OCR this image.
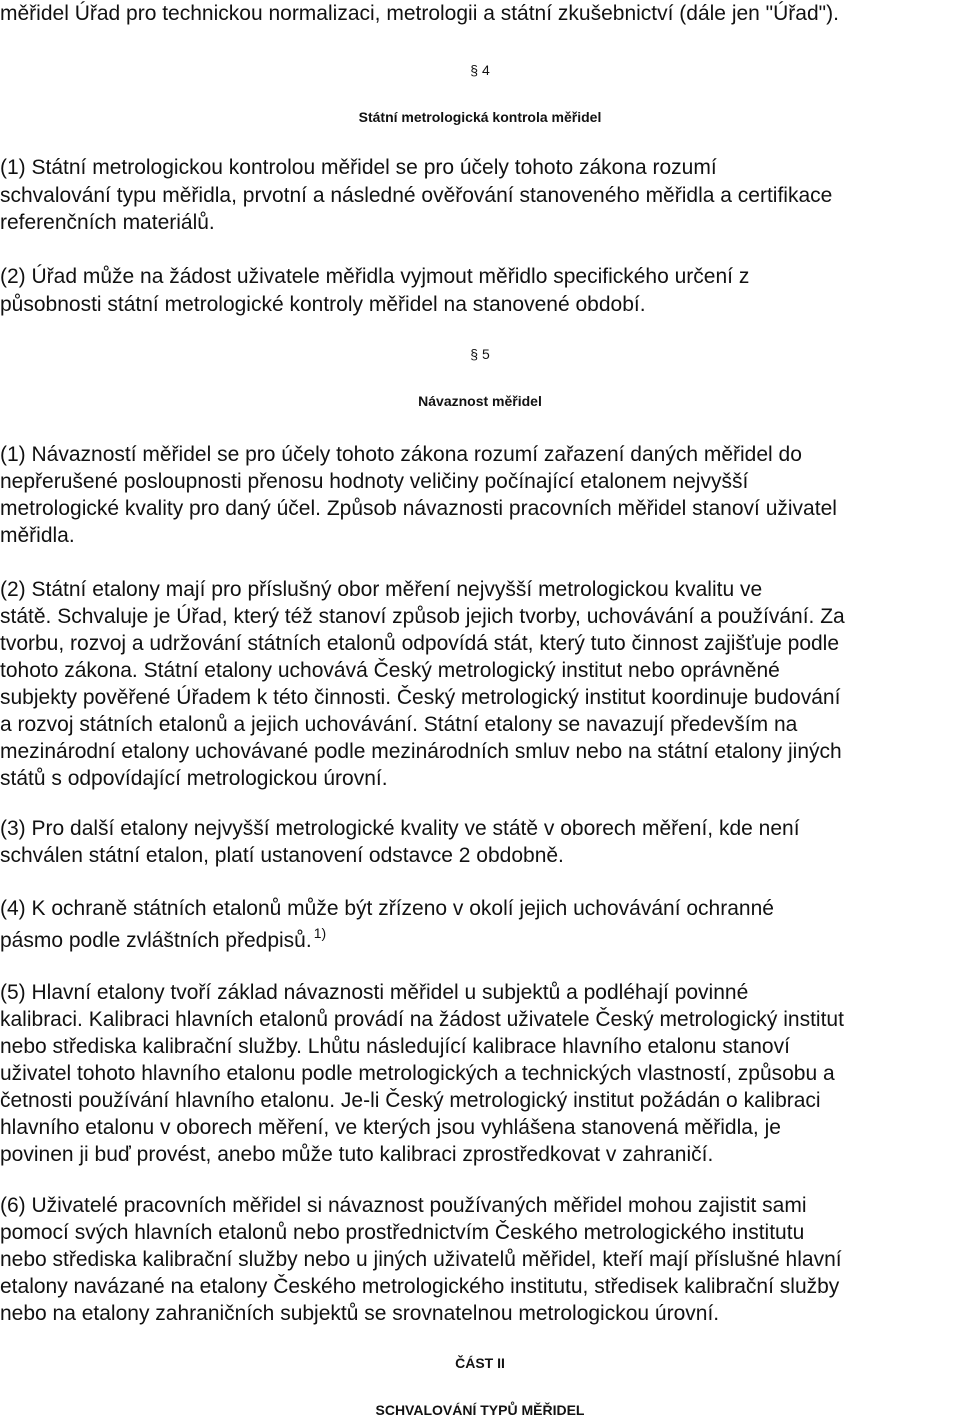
měřidel Úřad pro technickou normalizaci, metrologii a státní zkušebnictví (dále jen "Úřad").
§ 4
Státní metrologická kontrola měřidel
(1) Státní metrologickou kontrolou měřidel se pro účely tohoto zákona rozumí
schvalování typu měřidla, prvotní a následné ověřování stanoveného měřidla a certifikace
referenčních materiálů.
(2) Úřad může na žádost uživatele měřidla vyjmout měřidlo specifického určení z
působnosti státní metrologické kontroly měřidel na stanovené období.
§ 5
Návaznost měřidel
(1) Návazností měřidel se pro účely tohoto zákona rozumí zařazení daných měřidel do
nepřerušené posloupnosti přenosu hodnoty veličiny počínající etalonem nejvyšší
metrologické kvality pro daný účel. Způsob návaznosti pracovních měřidel stanoví uživatel
měřidla.
(2) Státní etalony mají pro příslušný obor měření nejvyšší metrologickou kvalitu ve
státě. Schvaluje je Úřad, který též stanoví způsob jejich tvorby, uchovávání a používání. Za
tvorbu, rozvoj a udržování státních etalonů odpovídá stát, který tuto činnost zajišťuje podle
tohoto zákona. Státní etalony uchovává Český metrologický institut nebo oprávněné
subjekty pověřené Úřadem k této činnosti. Český metrologický institut koordinuje budování
a rozvoj státních etalonů a jejich uchovávání. Státní etalony se navazují především na
mezinárodní etalony uchovávané podle mezinárodních smluv nebo na státní etalony jiných
států s odpovídající metrologickou úrovní.
(3) Pro další etalony nejvyšší metrologické kvality ve státě v oborech měření, kde není
schválen státní etalon, platí ustanovení odstavce 2 obdobně.
(4) K ochraně státních etalonů může být zřízeno v okolí jejich uchovávání ochranné
pásmo podle zvláštních předpisů. $^{1)}$
(5) Hlavní etalony tvoří základ návaznosti měřidel u subjektů a podléhají povinné
kalibraci. Kalibraci hlavních etalonů provádí na žádost uživatele Český metrologický institut
nebo střediska kalibrační služby. Lhůtu následující kalibrace hlavního etalonu stanoví
uživatel tohoto hlavního etalonu podle metrologických a technických vlastností, způsobu a
četnosti používání hlavního etalonu. Je-li Český metrologický institut požádán o kalibraci
hlavního etalonu v oborech měření, ve kterých jsou vyhlášena stanovená měřidla, je
povinen ji buď provést, anebo může tuto kalibraci zprostředkovat v zahraničí.
(6) Uživatelé pracovních měřidel si návaznost používaných měřidel mohou zajistit sami
pomocí svých hlavních etalonů nebo prostřednictvím Českého metrologického institutu
nebo střediska kalibrační služby nebo u jiných uživatelů měřidel, kteří mají příslušné hlavní
etalony navázané na etalony Českého metrologického institutu, středisek kalibrační služby
nebo na etalony zahraničních subjektů se srovnatelnou metrologickou úrovní.
ČÁST II
SCHVALOVÁNÍ TYPŮ MĚŘIDEL
